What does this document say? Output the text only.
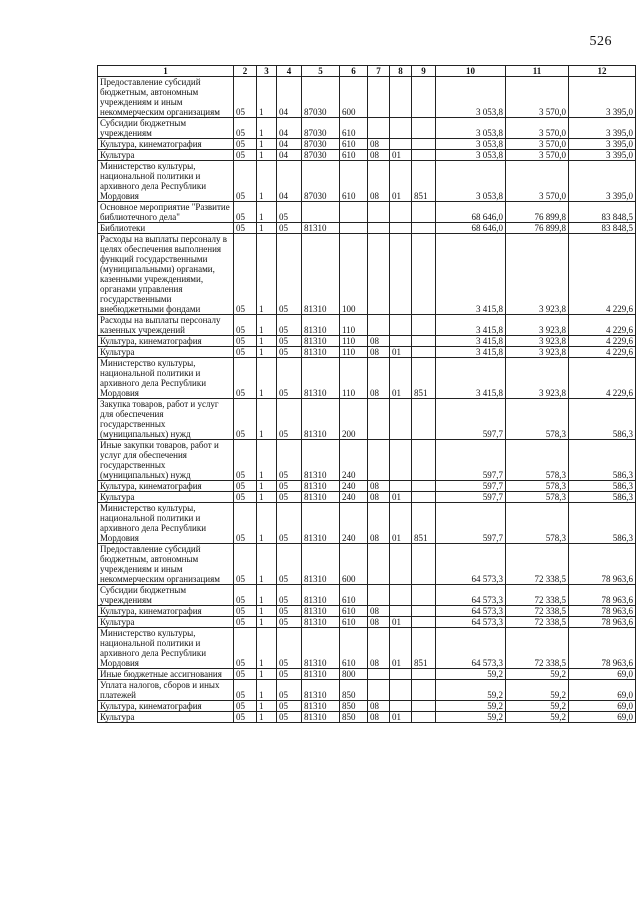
526
1	2	3	4	5	6	7	8	9	10	11	12
Предоставление субсидий бюджетным, автономным учреждениям и иным некоммерческим организациям	05	1	04	87030	600				3 053,8	3 570,0	3 395,0
Субсидии бюджетным учреждениям	05	1	04	87030	610				3 053,8	3 570,0	3 395,0
Культура, кинематография	05	1	04	87030	610	08			3 053,8	3 570,0	3 395,0
Культура	05	1	04	87030	610	08	01		3 053,8	3 570,0	3 395,0
Министерство культуры, национальной политики и архивного дела Республики Мордовия	05	1	04	87030	610	08	01	851	3 053,8	3 570,0	3 395,0
Основное мероприятие "Развитие библиотечного дела"	05	1	05						68 646,0	76 899,8	83 848,5
Библиотеки	05	1	05	81310					68 646,0	76 899,8	83 848,5
Расходы на выплаты персоналу в целях обеспечения выполнения функций государственными (муниципальными) органами, казенными учреждениями, органами управления государственными внебюджетными фондами	05	1	05	81310	100				3 415,8	3 923,8	4 229,6
Расходы на выплаты персоналу казенных учреждений	05	1	05	81310	110				3 415,8	3 923,8	4 229,6
Культура, кинематография	05	1	05	81310	110	08			3 415,8	3 923,8	4 229,6
Культура	05	1	05	81310	110	08	01		3 415,8	3 923,8	4 229,6
Министерство культуры, национальной политики и архивного дела Республики Мордовия	05	1	05	81310	110	08	01	851	3 415,8	3 923,8	4 229,6
Закупка товаров, работ и услуг для обеспечения государственных (муниципальных) нужд	05	1	05	81310	200				597,7	578,3	586,3
Иные закупки товаров, работ и услуг для обеспечения государственных (муниципальных) нужд	05	1	05	81310	240				597,7	578,3	586,3
Культура, кинематография	05	1	05	81310	240	08			597,7	578,3	586,3
Культура	05	1	05	81310	240	08	01		597,7	578,3	586,3
Министерство культуры, национальной политики и архивного дела Республики Мордовия	05	1	05	81310	240	08	01	851	597,7	578,3	586,3
Предоставление субсидий бюджетным, автономным учреждениям и иным некоммерческим организациям	05	1	05	81310	600				64 573,3	72 338,5	78 963,6
Субсидии бюджетным учреждениям	05	1	05	81310	610				64 573,3	72 338,5	78 963,6
Культура, кинематография	05	1	05	81310	610	08			64 573,3	72 338,5	78 963,6
Культура	05	1	05	81310	610	08	01		64 573,3	72 338,5	78 963,6
Министерство культуры, национальной политики и архивного дела Республики Мордовия	05	1	05	81310	610	08	01	851	64 573,3	72 338,5	78 963,6
Иные бюджетные ассигнования	05	1	05	81310	800				59,2	59,2	69,0
Уплата налогов, сборов и иных платежей	05	1	05	81310	850				59,2	59,2	69,0
Культура, кинематография	05	1	05	81310	850	08			59,2	59,2	69,0
Культура	05	1	05	81310	850	08	01		59,2	59,2	69,0
